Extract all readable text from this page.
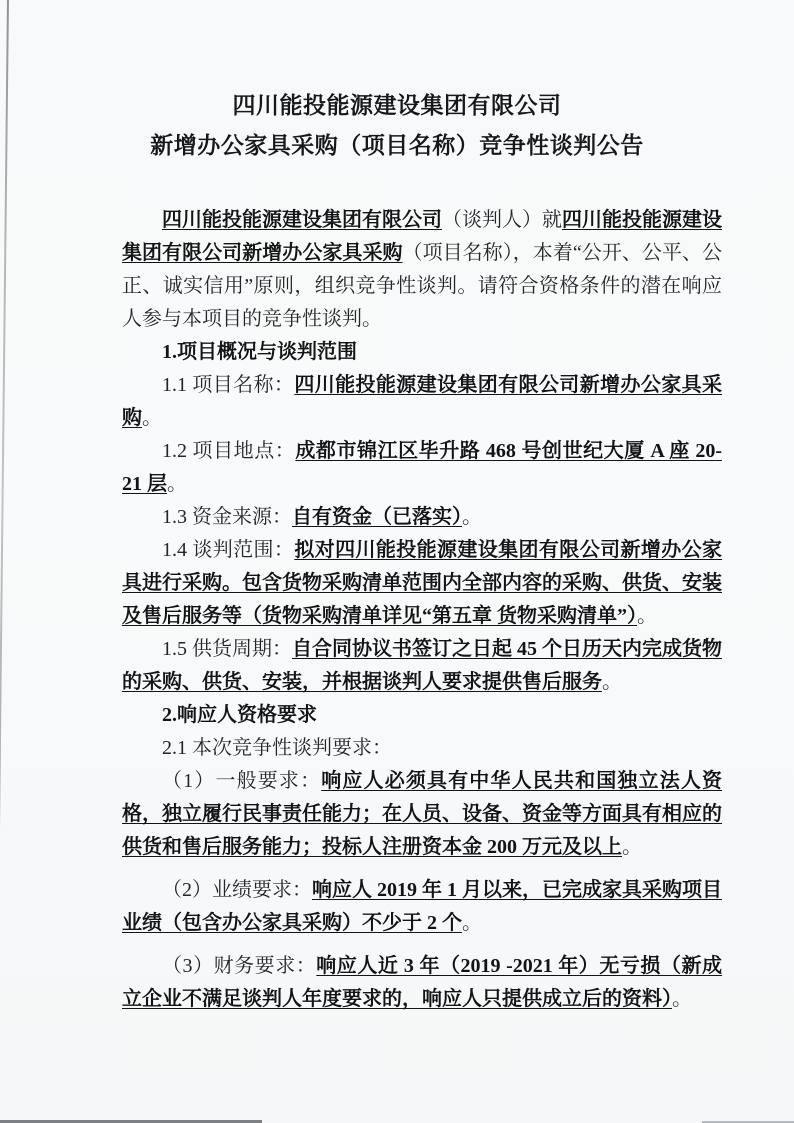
四川能投能源建设集团有限公司
新增办公家具采购（项目名称）竞争性谈判公告

四川能投能源建设集团有限公司（谈判人）就四川能投能源建设集团有限公司新增办公家具采购（项目名称），本着“公开、公平、公正、诚实信用”原则，组织竞争性谈判。请符合资格条件的潜在响应人参与本项目的竞争性谈判。

1.项目概况与谈判范围

1.1 项目名称：四川能投能源建设集团有限公司新增办公家具采购。

1.2 项目地点：成都市锦江区毕升路 468 号创世纪大厦 A 座 20-21 层。

1.3 资金来源：自有资金（已落实）。

1.4 谈判范围：拟对四川能投能源建设集团有限公司新增办公家具进行采购。包含货物采购清单范围内全部内容的采购、供货、安装及售后服务等（货物采购清单详见“第五章 货物采购清单”）。

1.5 供货周期：自合同协议书签订之日起 45 个日历天内完成货物的采购、供货、安装，并根据谈判人要求提供售后服务。

2.响应人资格要求

2.1 本次竞争性谈判要求：

（1）一般要求：响应人必须具有中华人民共和国独立法人资格，独立履行民事责任能力；在人员、设备、资金等方面具有相应的供货和售后服务能力；投标人注册资本金 200 万元及以上。

（2）业绩要求：响应人 2019 年 1 月以来，已完成家具采购项目业绩（包含办公家具采购）不少于 2 个。

（3）财务要求：响应人近 3 年（2019 -2021 年）无亏损（新成立企业不满足谈判人年度要求的，响应人只提供成立后的资料）。
